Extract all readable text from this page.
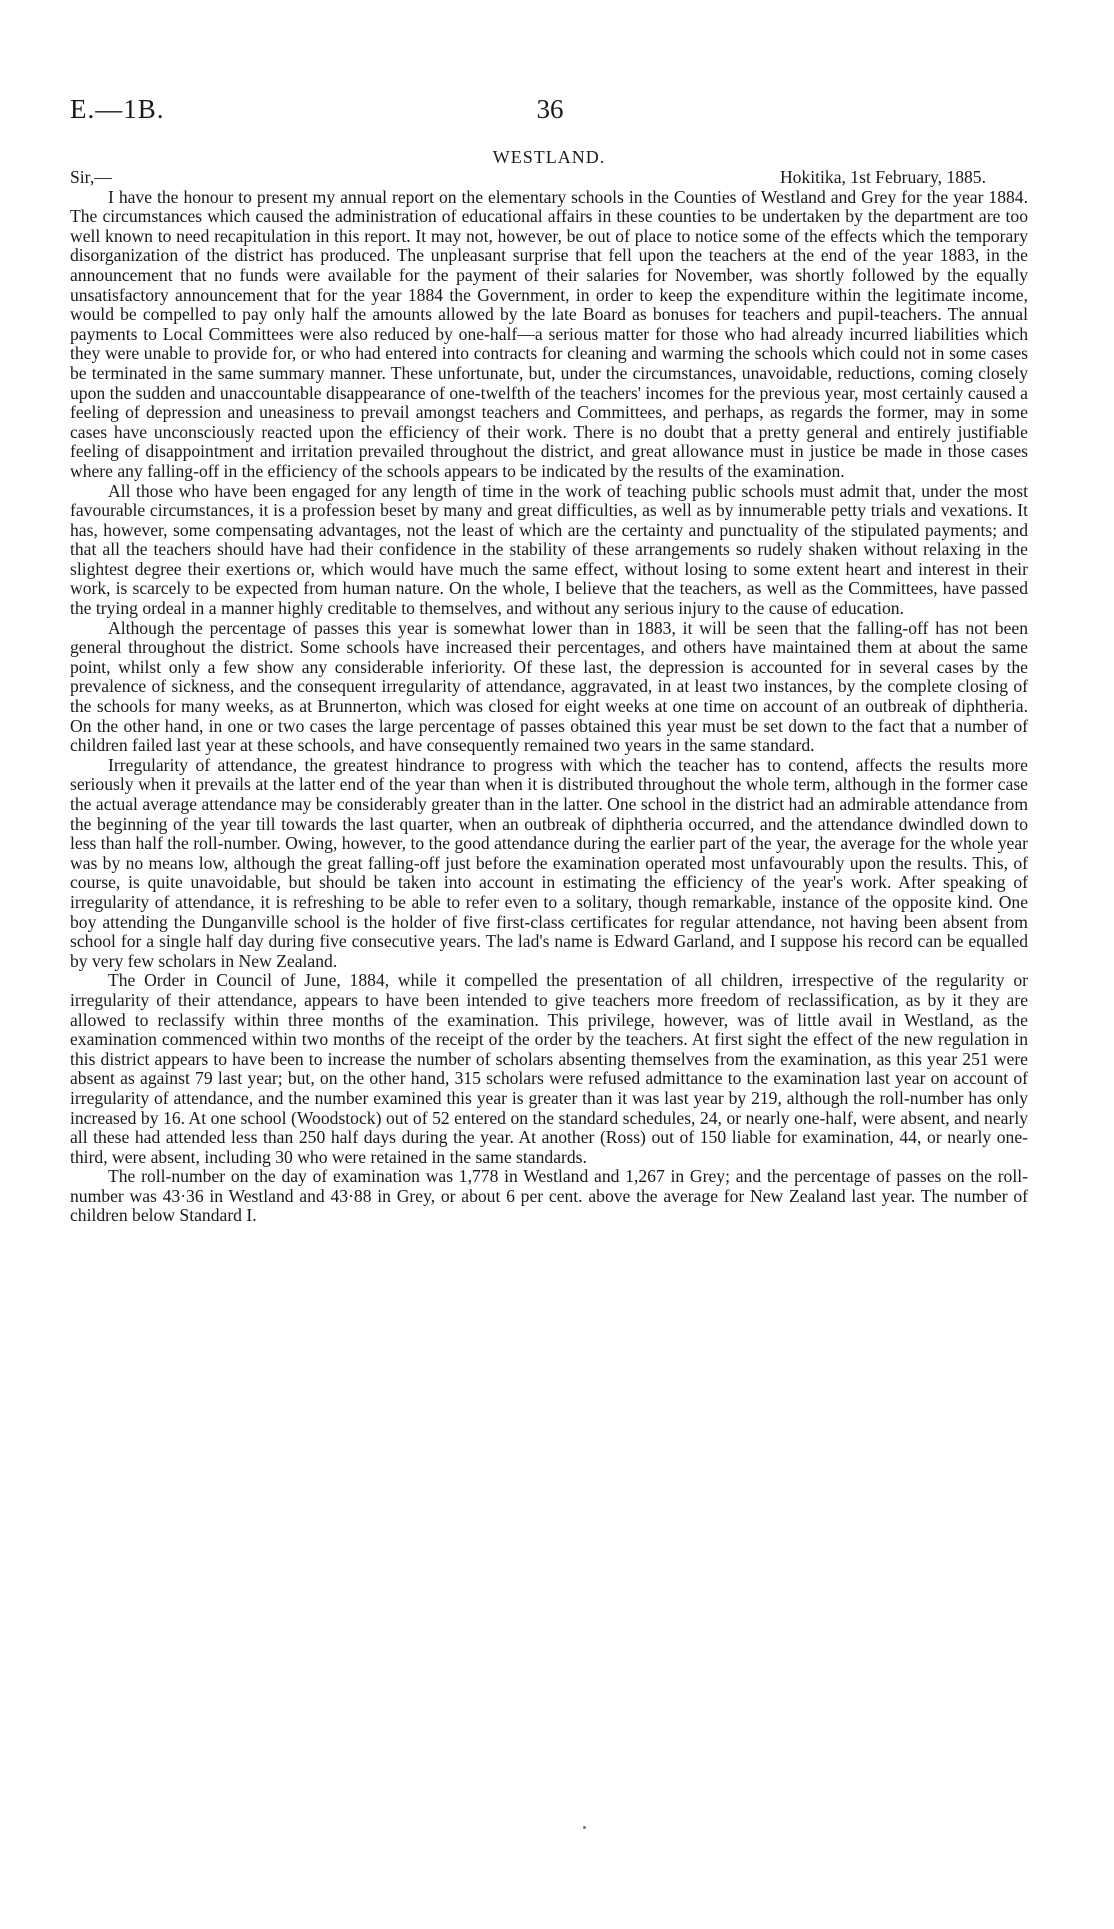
E.—1B.	36
WESTLAND.
Sir,—	Hokitika, 1st February, 1885.

I have the honour to present my annual report on the elementary schools in the Counties of Westland and Grey for the year 1884. The circumstances which caused the administration of educational affairs in these counties to be undertaken by the department are too well known to need recapitulation in this report. It may not, however, be out of place to notice some of the effects which the temporary disorganization of the district has produced. The unpleasant surprise that fell upon the teachers at the end of the year 1883, in the announcement that no funds were available for the payment of their salaries for November, was shortly followed by the equally unsatisfactory announcement that for the year 1884 the Government, in order to keep the expenditure within the legitimate income, would be compelled to pay only half the amounts allowed by the late Board as bonuses for teachers and pupil-teachers. The annual payments to Local Committees were also reduced by one-half—a serious matter for those who had already incurred liabilities which they were unable to provide for, or who had entered into contracts for cleaning and warming the schools which could not in some cases be terminated in the same summary manner. These unfortunate, but, under the circumstances, unavoidable, reductions, coming closely upon the sudden and unaccountable disappearance of one-twelfth of the teachers' incomes for the previous year, most certainly caused a feeling of depression and uneasiness to prevail amongst teachers and Committees, and perhaps, as regards the former, may in some cases have unconsciously reacted upon the efficiency of their work. There is no doubt that a pretty general and entirely justifiable feeling of disappointment and irritation prevailed throughout the district, and great allowance must in justice be made in those cases where any falling-off in the efficiency of the schools appears to be indicated by the results of the examination.

All those who have been engaged for any length of time in the work of teaching public schools must admit that, under the most favourable circumstances, it is a profession beset by many and great difficulties, as well as by innumerable petty trials and vexations. It has, however, some compensating advantages, not the least of which are the certainty and punctuality of the stipulated payments; and that all the teachers should have had their confidence in the stability of these arrangements so rudely shaken without relaxing in the slightest degree their exertions or, which would have much the same effect, without losing to some extent heart and interest in their work, is scarcely to be expected from human nature. On the whole, I believe that the teachers, as well as the Committees, have passed the trying ordeal in a manner highly creditable to themselves, and without any serious injury to the cause of education.

Although the percentage of passes this year is somewhat lower than in 1883, it will be seen that the falling-off has not been general throughout the district. Some schools have increased their percentages, and others have maintained them at about the same point, whilst only a few show any considerable inferiority. Of these last, the depression is accounted for in several cases by the prevalence of sickness, and the consequent irregularity of attendance, aggravated, in at least two instances, by the complete closing of the schools for many weeks, as at Brunnerton, which was closed for eight weeks at one time on account of an outbreak of diphtheria. On the other hand, in one or two cases the large percentage of passes obtained this year must be set down to the fact that a number of children failed last year at these schools, and have consequently remained two years in the same standard.

Irregularity of attendance, the greatest hindrance to progress with which the teacher has to contend, affects the results more seriously when it prevails at the latter end of the year than when it is distributed throughout the whole term, although in the former case the actual average attendance may be considerably greater than in the latter. One school in the district had an admirable attendance from the beginning of the year till towards the last quarter, when an outbreak of diphtheria occurred, and the attendance dwindled down to less than half the roll-number. Owing, however, to the good attendance during the earlier part of the year, the average for the whole year was by no means low, although the great falling-off just before the examination operated most unfavourably upon the results. This, of course, is quite unavoidable, but should be taken into account in estimating the efficiency of the year's work. After speaking of irregularity of attendance, it is refreshing to be able to refer even to a solitary, though remarkable, instance of the opposite kind. One boy attending the Dunganville school is the holder of five first-class certificates for regular attendance, not having been absent from school for a single half day during five consecutive years. The lad's name is Edward Garland, and I suppose his record can be equalled by very few scholars in New Zealand.

The Order in Council of June, 1884, while it compelled the presentation of all children, irrespective of the regularity or irregularity of their attendance, appears to have been intended to give teachers more freedom of reclassification, as by it they are allowed to reclassify within three months of the examination. This privilege, however, was of little avail in Westland, as the examination commenced within two months of the receipt of the order by the teachers. At first sight the effect of the new regulation in this district appears to have been to increase the number of scholars absenting themselves from the examination, as this year 251 were absent as against 79 last year; but, on the other hand, 315 scholars were refused admittance to the examination last year on account of irregularity of attendance, and the number examined this year is greater than it was last year by 219, although the roll-number has only increased by 16. At one school (Woodstock) out of 52 entered on the standard schedules, 24, or nearly one-half, were absent, and nearly all these had attended less than 250 half days during the year. At another (Ross) out of 150 liable for examination, 44, or nearly one-third, were absent, including 30 who were retained in the same standards.

The roll-number on the day of examination was 1,778 in Westland and 1,267 in Grey; and the percentage of passes on the roll-number was 43·36 in Westland and 43·88 in Grey, or about 6 per cent. above the average for New Zealand last year. The number of children below Standard I.
